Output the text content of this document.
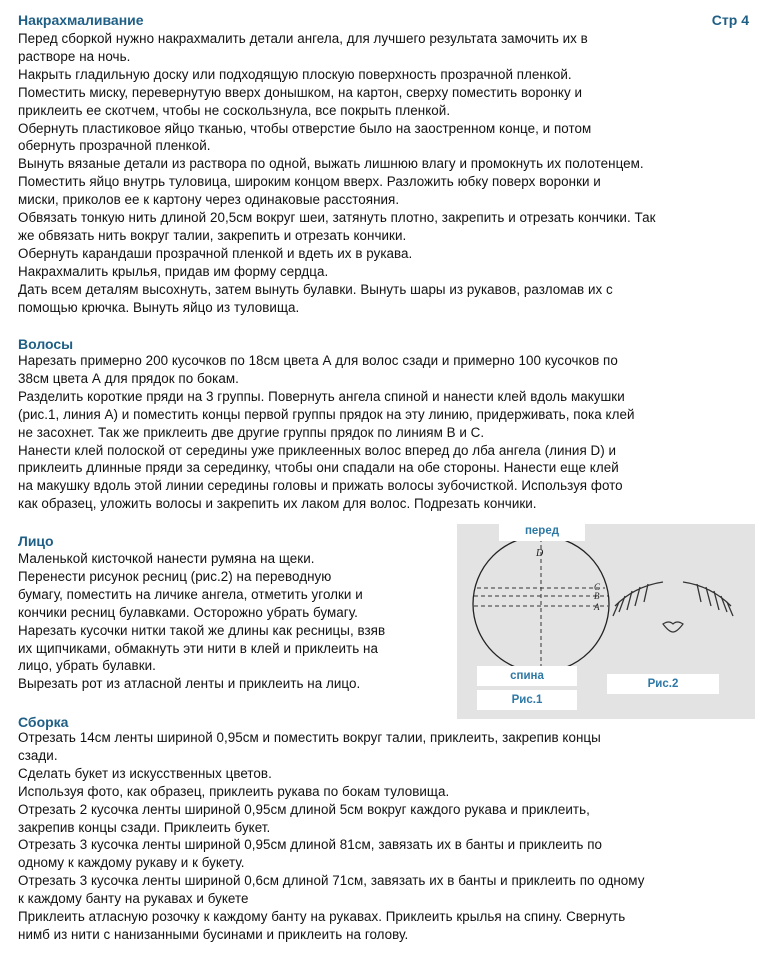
Накрахмаливание	Стр 4
Перед сборкой нужно накрахмалить детали ангела, для лучшего результата замочить их в
растворе на ночь.
Накрыть гладильную доску или подходящую плоскую поверхность прозрачной пленкой.
Поместить миску, перевернутую вверх донышком, на картон, сверху поместить воронку и
приклеить ее скотчем, чтобы не соскользнула, все покрыть пленкой.
Обернуть пластиковое яйцо тканью, чтобы отверстие было на заостренном конце, и потом
обернуть прозрачной пленкой.
Вынуть вязаные детали из раствора по одной, выжать лишнюю влагу и промокнуть их полотенцем.
Поместить яйцо внутрь туловица, широким концом вверх. Разложить юбку поверх воронки и
миски, приколов ее к картону через одинаковые расстояния.
Обвязать тонкую нить длиной 20,5см вокруг шеи, затянуть плотно, закрепить и отрезать кончики. Так
же обвязать нить вокруг талии, закрепить и отрезать кончики.
Обернуть карандаши прозрачной пленкой и вдеть их в рукава.
Накрахмалить крылья, придав им форму сердца.
Дать всем деталям высохнуть, затем вынуть булавки. Вынуть шары из рукавов, разломав их с
помощью крючка. Вынуть яйцо из туловища.
Волосы
Нарезать примерно 200 кусочков по 18см цвета А для волос сзади и примерно 100 кусочков по
38см цвета А для прядок по бокам.
Разделить короткие пряди на 3 группы. Повернуть ангела спиной и нанести клей вдоль макушки
(рис.1, линия А) и поместить концы первой группы прядок на эту линию, придерживать, пока клей
не засохнет. Так же приклеить две другие группы прядок по линиям В и С.
Нанести клей полоской от середины уже приклеенных волос вперед до лба ангела (линия D) и
приклеить длинные пряди за серединку, чтобы они спадали на обе стороны. Нанести еще клей
на макушку вдоль этой линии середины головы и прижать волосы зубочисткой. Используя фото
как образец, уложить волосы и закрепить их лаком для волос. Подрезать кончики.
Лицо
Маленькой кисточкой нанести румяна на щеки.
Перенести рисунок ресниц (рис.2) на переводную
бумагу, поместить на личике ангела, отметить уголки и
кончики ресниц булавками. Осторожно убрать бумагу.
Нарезать кусочки нитки такой же длины как ресницы, взяв
их щипчиками, обмакнуть эти нити в клей и приклеить на
лицо, убрать булавки.
Вырезать рот из атласной ленты и приклеить на лицо.
D
C
B
A
перед
спина
Рис.1
Рис.2
Сборка
Отрезать 14см ленты шириной 0,95см и поместить вокруг талии, приклеить, закрепив концы
сзади.
Сделать букет из искусственных цветов.
Используя фото, как образец, приклеить рукава по бокам туловища.
Отрезать 2 кусочка ленты шириной 0,95см длиной 5см вокруг каждого рукава и приклеить,
закрепив концы сзади. Приклеить букет.
Отрезать 3 кусочка ленты шириной 0,95см длиной 81см, завязать их в банты и приклеить по
одному к каждому рукаву и к букету.
Отрезать 3 кусочка ленты шириной 0,6см длиной 71см, завязать их в банты и приклеить по одному
к каждому банту на рукавах и букете
Приклеить атласную розочку к каждому банту на рукавах. Приклеить крылья на спину. Свернуть
нимб из нити с нанизанными бусинами и приклеить на голову.
